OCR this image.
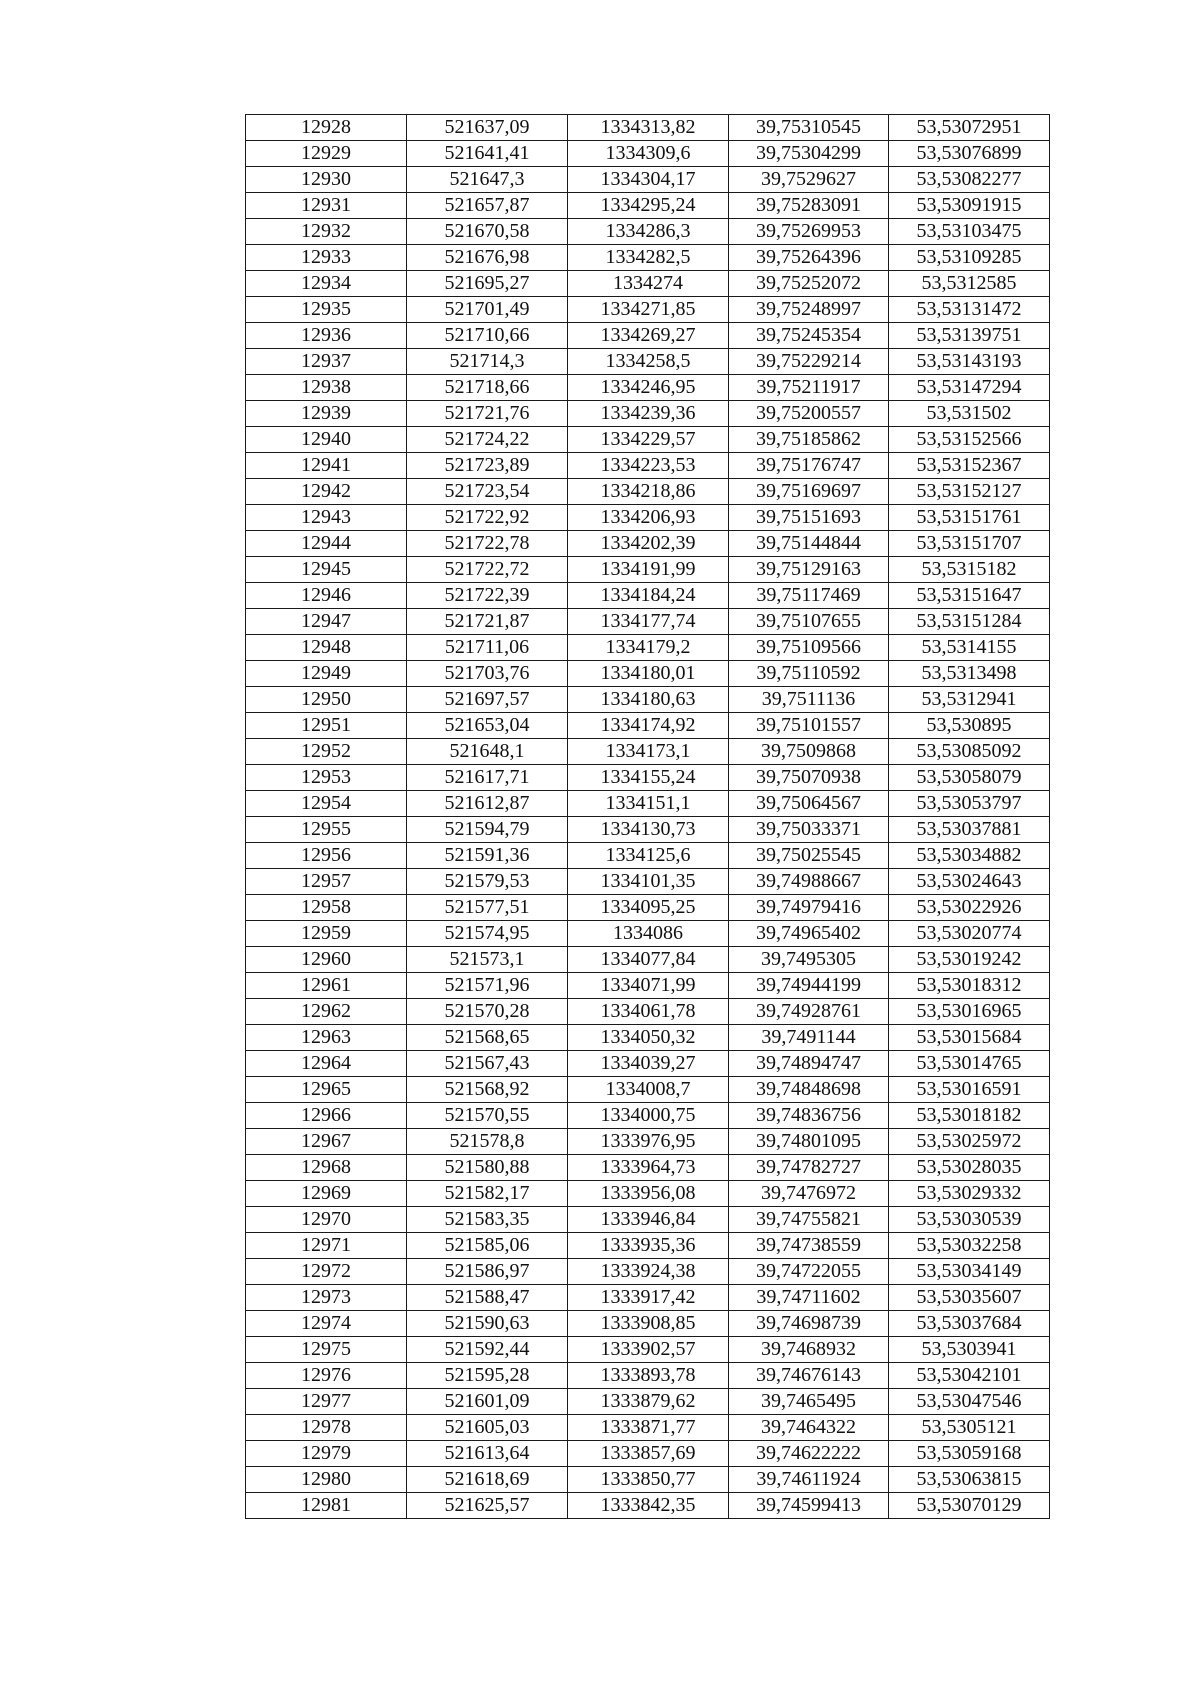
12928	521637,09	1334313,82	39,75310545	53,53072951
12929	521641,41	1334309,6	39,75304299	53,53076899
12930	521647,3	1334304,17	39,7529627	53,53082277
12931	521657,87	1334295,24	39,75283091	53,53091915
12932	521670,58	1334286,3	39,75269953	53,53103475
12933	521676,98	1334282,5	39,75264396	53,53109285
12934	521695,27	1334274	39,75252072	53,5312585
12935	521701,49	1334271,85	39,75248997	53,53131472
12936	521710,66	1334269,27	39,75245354	53,53139751
12937	521714,3	1334258,5	39,75229214	53,53143193
12938	521718,66	1334246,95	39,75211917	53,53147294
12939	521721,76	1334239,36	39,75200557	53,531502
12940	521724,22	1334229,57	39,75185862	53,53152566
12941	521723,89	1334223,53	39,75176747	53,53152367
12942	521723,54	1334218,86	39,75169697	53,53152127
12943	521722,92	1334206,93	39,75151693	53,53151761
12944	521722,78	1334202,39	39,75144844	53,53151707
12945	521722,72	1334191,99	39,75129163	53,5315182
12946	521722,39	1334184,24	39,75117469	53,53151647
12947	521721,87	1334177,74	39,75107655	53,53151284
12948	521711,06	1334179,2	39,75109566	53,5314155
12949	521703,76	1334180,01	39,75110592	53,5313498
12950	521697,57	1334180,63	39,7511136	53,5312941
12951	521653,04	1334174,92	39,75101557	53,530895
12952	521648,1	1334173,1	39,7509868	53,53085092
12953	521617,71	1334155,24	39,75070938	53,53058079
12954	521612,87	1334151,1	39,75064567	53,53053797
12955	521594,79	1334130,73	39,75033371	53,53037881
12956	521591,36	1334125,6	39,75025545	53,53034882
12957	521579,53	1334101,35	39,74988667	53,53024643
12958	521577,51	1334095,25	39,74979416	53,53022926
12959	521574,95	1334086	39,74965402	53,53020774
12960	521573,1	1334077,84	39,7495305	53,53019242
12961	521571,96	1334071,99	39,74944199	53,53018312
12962	521570,28	1334061,78	39,74928761	53,53016965
12963	521568,65	1334050,32	39,7491144	53,53015684
12964	521567,43	1334039,27	39,74894747	53,53014765
12965	521568,92	1334008,7	39,74848698	53,53016591
12966	521570,55	1334000,75	39,74836756	53,53018182
12967	521578,8	1333976,95	39,74801095	53,53025972
12968	521580,88	1333964,73	39,74782727	53,53028035
12969	521582,17	1333956,08	39,7476972	53,53029332
12970	521583,35	1333946,84	39,74755821	53,53030539
12971	521585,06	1333935,36	39,74738559	53,53032258
12972	521586,97	1333924,38	39,74722055	53,53034149
12973	521588,47	1333917,42	39,74711602	53,53035607
12974	521590,63	1333908,85	39,74698739	53,53037684
12975	521592,44	1333902,57	39,7468932	53,5303941
12976	521595,28	1333893,78	39,74676143	53,53042101
12977	521601,09	1333879,62	39,7465495	53,53047546
12978	521605,03	1333871,77	39,7464322	53,5305121
12979	521613,64	1333857,69	39,74622222	53,53059168
12980	521618,69	1333850,77	39,74611924	53,53063815
12981	521625,57	1333842,35	39,74599413	53,53070129
